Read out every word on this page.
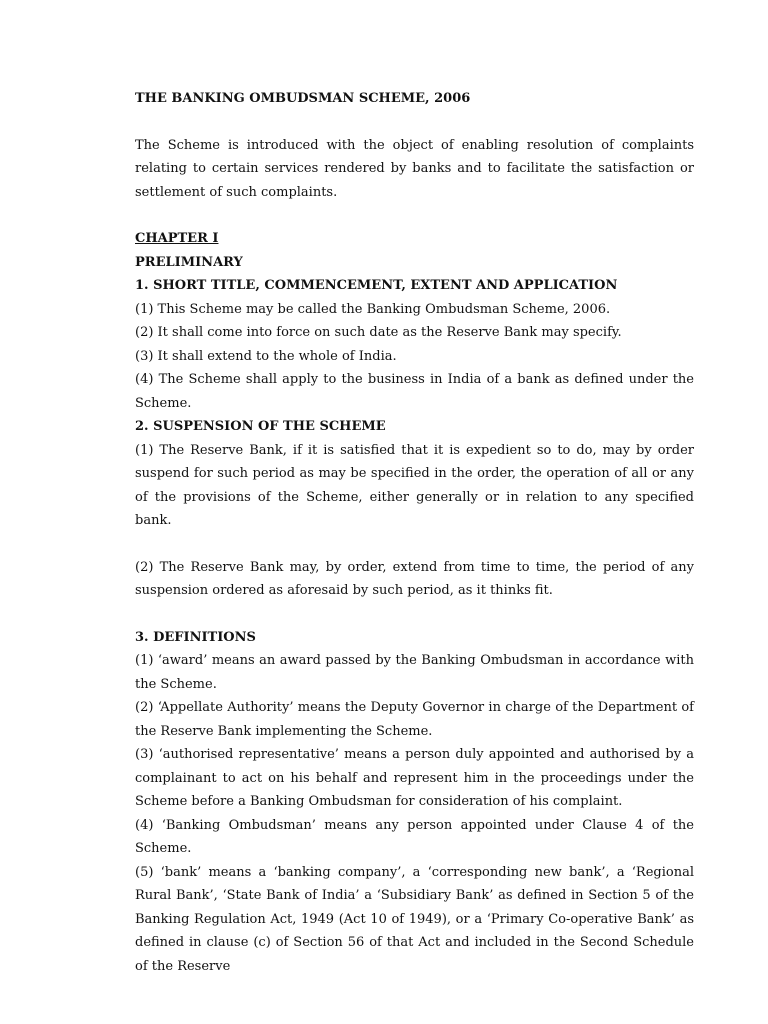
THE BANKING OMBUDSMAN SCHEME, 2006

The Scheme is introduced with the object of enabling resolution of complaints relating to certain services rendered by banks and to facilitate the satisfaction or settlement of such complaints.

CHAPTER I
PRELIMINARY
1. SHORT TITLE, COMMENCEMENT, EXTENT AND APPLICATION

(1) This Scheme may be called the Banking Ombudsman Scheme, 2006.

(2) It shall come into force on such date as the Reserve Bank may specify.

(3) It shall extend to the whole of India.

(4) The Scheme shall apply to the business in India of a bank as defined under the Scheme.

2. SUSPENSION OF THE SCHEME

(1) The Reserve Bank, if it is satisfied that it is expedient so to do, may by order suspend for such period as may be specified in the order, the operation of all or any of the provisions of the Scheme, either generally or in relation to any specified bank.

(2) The Reserve Bank may, by order, extend from time to time, the period of any suspension ordered as aforesaid by such period, as it thinks fit.

3. DEFINITIONS

(1) ‘award’ means an award passed by the Banking Ombudsman in accordance with the Scheme.

(2) ‘Appellate Authority’ means the Deputy Governor in charge of the Department of the Reserve Bank implementing the Scheme.

(3) ‘authorised representative’ means a person duly appointed and authorised by a complainant to act on his behalf and represent him in the proceedings under the Scheme before a Banking Ombudsman for consideration of his complaint.

(4) ‘Banking Ombudsman’ means any person appointed under Clause 4 of the Scheme.

(5) ‘bank’ means a ‘banking company’, a ‘corresponding new bank’, a ‘Regional Rural Bank’, ‘State Bank of India’ a ‘Subsidiary Bank’ as defined in Section 5 of the Banking Regulation Act, 1949 (Act 10 of 1949), or a ‘Primary Co-operative Bank’ as defined in clause (c) of Section 56 of that Act and included in the Second Schedule of the Reserve
